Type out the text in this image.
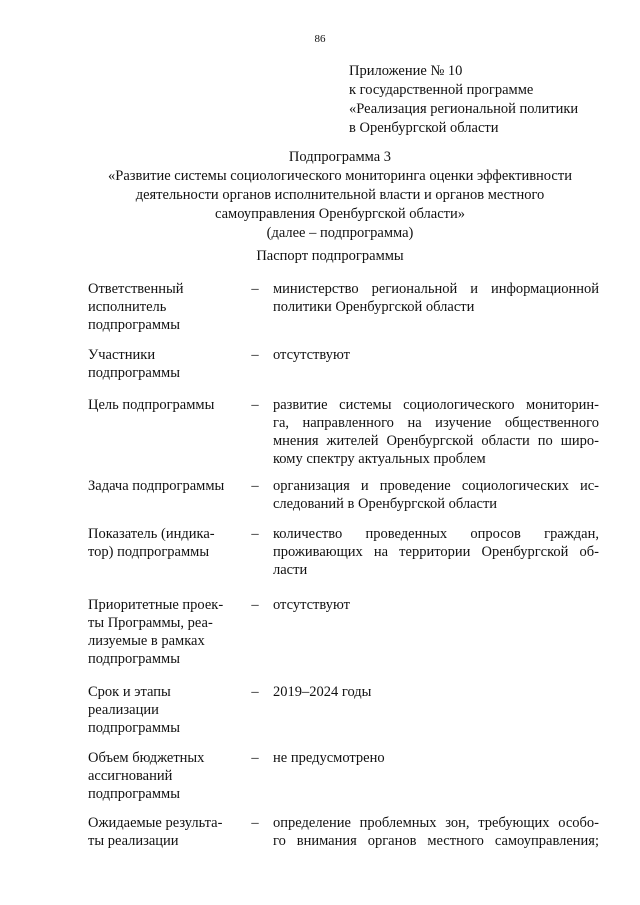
86
Приложение № 10
к государственной программе
«Реализация региональной политики
в Оренбургской области
Подпрограмма 3
«Развитие системы социологического мониторинга оценки эффективности
деятельности органов исполнительной власти и органов местного
самоуправления Оренбургской области»
(далее – подпрограмма)
Паспорт подпрограммы
Ответственный
исполнитель
подпрограммы
– министерство региональной и информационной
политики Оренбургской области
Участники
подпрограммы
– отсутствуют
Цель подпрограммы	– развитие системы социологического мониторин-
га, направленного на изучение общественного
мнения жителей Оренбургской области по широ-
кому спектру актуальных проблем
Задача подпрограммы	– организация и проведение социологических ис-
следований в Оренбургской области
Показатель (индика-
тор) подпрограммы
– количество проведенных опросов граждан,
проживающих на территории Оренбургской об-
ласти
Приоритетные проек-
ты Программы, реа-
лизуемые в рамках
подпрограммы
– отсутствуют
Срок и этапы
реализации
подпрограммы
– 2019–2024 годы
Объем бюджетных
ассигнований
подпрограммы
– не предусмотрено
Ожидаемые результа-
ты реализации
– определение проблемных зон, требующих особо-
го внимания органов местного самоуправления;
